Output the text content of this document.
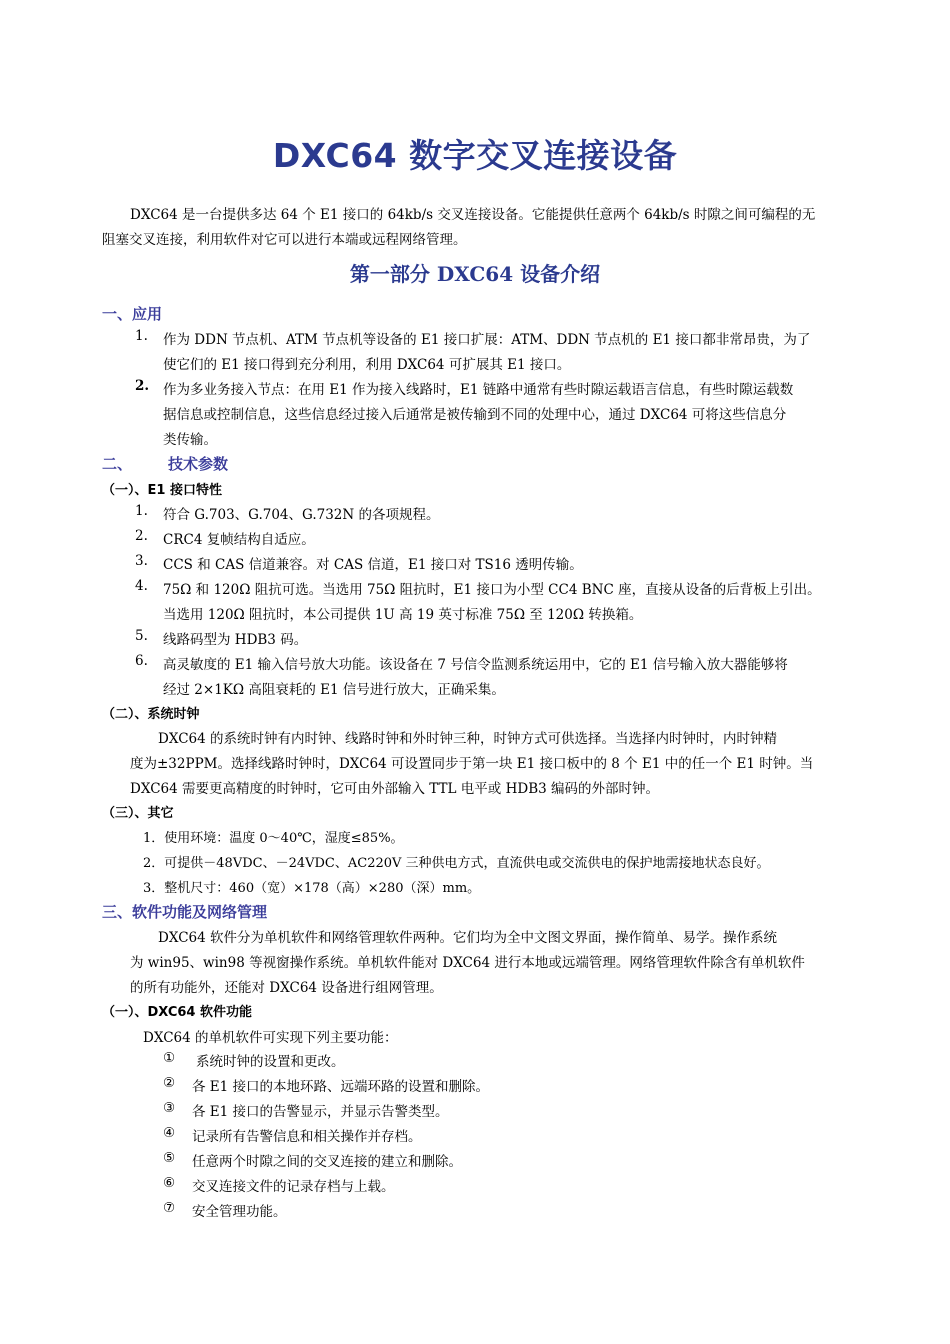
DXC64 数字交叉连接设备
DXC64 是一台提供多达 64 个 E1 接口的 64kb/s 交叉连接设备。它能提供任意两个 64kb/s 时隙之间可编程的无
阻塞交叉连接，利用软件对它可以进行本端或远程网络管理。
第一部分 DXC64 设备介绍
一、应用
1. 作为 DDN 节点机、ATM 节点机等设备的 E1 接口扩展：ATM、DDN 节点机的 E1 接口都非常昂贵，为了
使它们的 E1 接口得到充分利用，利用 DXC64 可扩展其 E1 接口。
2. 作为多业务接入节点：在用 E1 作为接入线路时，E1 链路中通常有些时隙运载语言信息，有些时隙运载数
据信息或控制信息，这些信息经过接入后通常是被传输到不同的处理中心，通过 DXC64 可将这些信息分
类传输。
二、 技术参数
（一）、E1 接口特性
1. 符合 G.703、G.704、G.732N 的各项规程。
2. CRC4 复帧结构自适应。
3. CCS 和 CAS 信道兼容。对 CAS 信道，E1 接口对 TS16 透明传输。
4. 75Ω 和 120Ω 阻抗可选。当选用 75Ω 阻抗时，E1 接口为小型 CC4 BNC 座，直接从设备的后背板上引出。
当选用 120Ω 阻抗时，本公司提供 1U 高 19 英寸标准 75Ω 至 120Ω 转换箱。
5. 线路码型为 HDB3 码。
6. 高灵敏度的 E1 输入信号放大功能。该设备在 7 号信令监测系统运用中，它的 E1 信号输入放大器能够将
经过 2×1KΩ 高阻衰耗的 E1 信号进行放大，正确采集。
（二）、系统时钟
DXC64 的系统时钟有内时钟、线路时钟和外时钟三种，时钟方式可供选择。当选择内时钟时，内时钟精
度为±32PPM。选择线路时钟时，DXC64 可设置同步于第一块 E1 接口板中的 8 个 E1 中的任一个 E1 时钟。当
DXC64 需要更高精度的时钟时，它可由外部输入 TTL 电平或 HDB3 编码的外部时钟。
（三）、其它
1．使用环境：温度 0～40℃，湿度≤85%。
2．可提供－48VDC、－24VDC、AC220V 三种供电方式，直流供电或交流供电的保护地需接地状态良好。
3．整机尺寸：460（宽）×178（高）×280（深）mm。
三、软件功能及网络管理
DXC64 软件分为单机软件和网络管理软件两种。它们均为全中文图文界面，操作简单、易学。操作系统
为 win95、win98 等视窗操作系统。单机软件能对 DXC64 进行本地或远端管理。网络管理软件除含有单机软件
的所有功能外，还能对 DXC64 设备进行组网管理。
（一）、DXC64 软件功能
DXC64 的单机软件可实现下列主要功能：
① 系统时钟的设置和更改。
② 各 E1 接口的本地环路、远端环路的设置和删除。
③ 各 E1 接口的告警显示，并显示告警类型。
④ 记录所有告警信息和相关操作并存档。
⑤ 任意两个时隙之间的交叉连接的建立和删除。
⑥ 交叉连接文件的记录存档与上载。
⑦ 安全管理功能。
